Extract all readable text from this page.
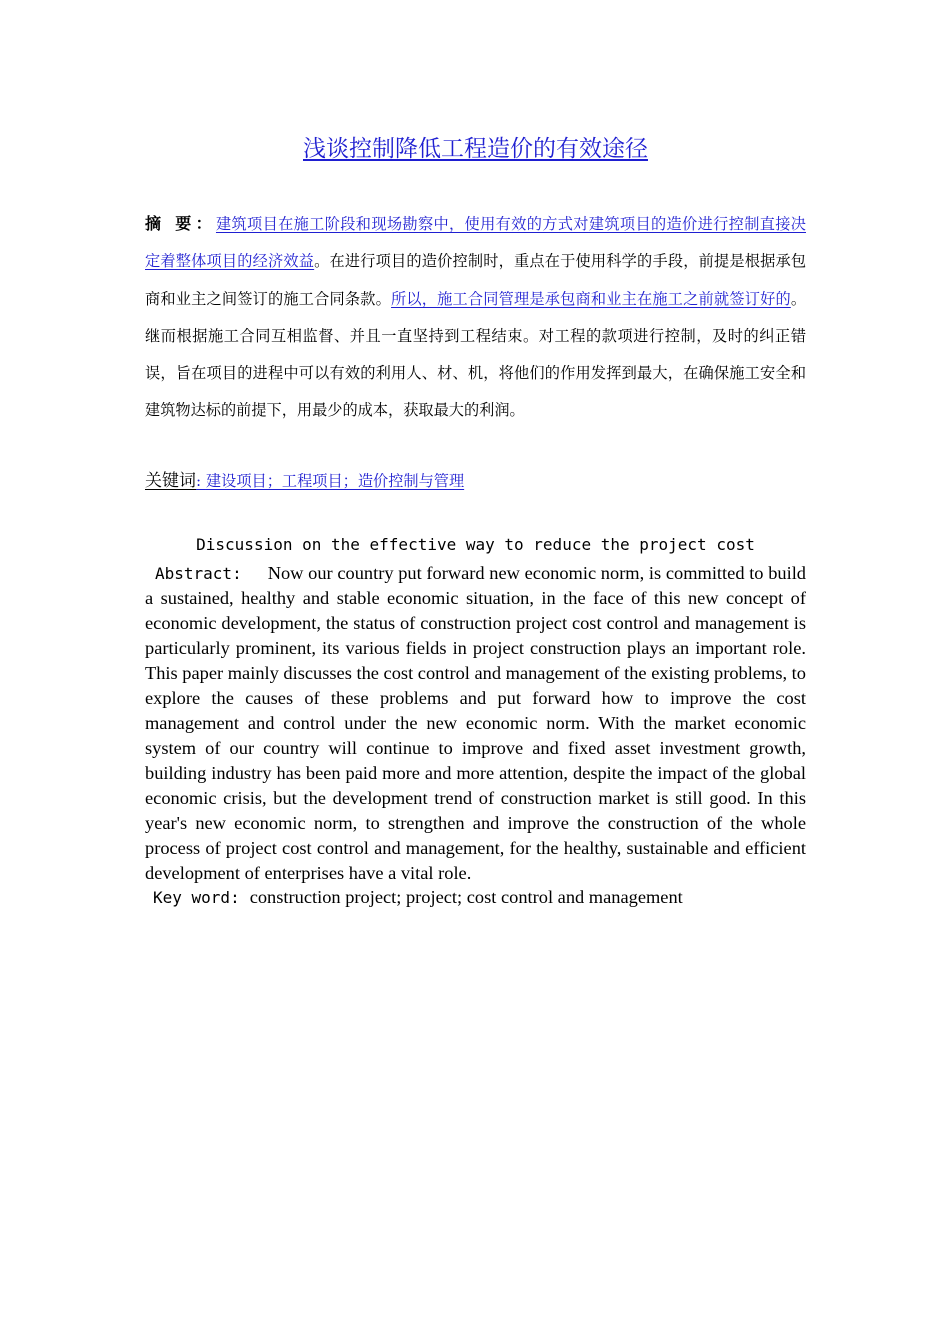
浅谈控制降低工程造价的有效途径

摘 要：建筑项目在施工阶段和现场勘察中，使用有效的方式对建筑项目的造价进行控制直接决定着整体项目的经济效益。在进行项目的造价控制时，重点在于使用科学的手段，前提是根据承包商和业主之间签订的施工合同条款。所以，施工合同管理是承包商和业主在施工之前就签订好的。继而根据施工合同互相监督、并且一直坚持到工程结束。对工程的款项进行控制，及时的纠正错误，旨在项目的进程中可以有效的利用人、材、机，将他们的作用发挥到最大，在确保施工安全和建筑物达标的前提下，用最少的成本，获取最大的利润。

关键词: 建设项目；工程项目；造价控制与管理

Discussion on the effective way to reduce the project cost

Abstract: Now our country put forward new economic norm, is committed to build a sustained, healthy and stable economic situation, in the face of this new concept of economic development, the status of construction project cost control and management is particularly prominent, its various fields in project construction plays an important role. This paper mainly discusses the cost control and management of the existing problems, to explore the causes of these problems and put forward how to improve the cost management and control under the new economic norm. With the market economic system of our country will continue to improve and fixed asset investment growth, building industry has been paid more and more attention, despite the impact of the global economic crisis, but the development trend of construction market is still good. In this year's new economic norm, to strengthen and improve the construction of the whole process of project cost control and management, for the healthy, sustainable and efficient development of enterprises have a vital role.

Key word: construction project; project; cost control and management
